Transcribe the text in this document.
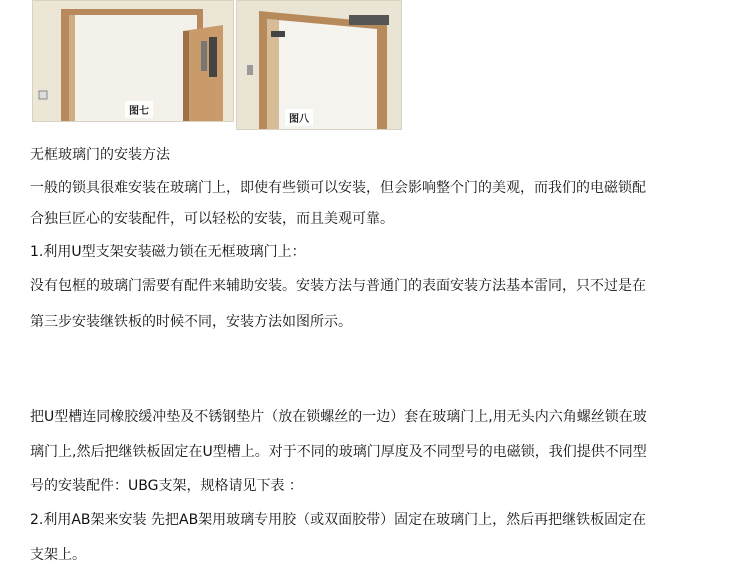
图七
图八
无框玻璃门的安装方法
一般的锁具很难安装在玻璃门上，即使有些锁可以安装，但会影响整个门的美观，而我们的电磁锁配
合独巨匠心的安装配件，可以轻松的安装，而且美观可靠。
1.利用U型支架安装磁力锁在无框玻璃门上：
没有包框的玻璃门需要有配件来辅助安装。安装方法与普通门的表面安装方法基本雷同，只不过是在
第三步安装继铁板的时候不同，安装方法如图所示。
把U型槽连同橡胶缓冲垫及不锈钢垫片（放在锁螺丝的一边）套在玻璃门上,用无头内六角螺丝锁在玻
璃门上,然后把继铁板固定在U型槽上。对于不同的玻璃门厚度及不同型号的电磁锁，我们提供不同型
号的安装配件：UBG支架，规格请见下表 ：
2.利用AB架来安装 先把AB架用玻璃专用胶（或双面胶带）固定在玻璃门上，然后再把继铁板固定在
支架上。
